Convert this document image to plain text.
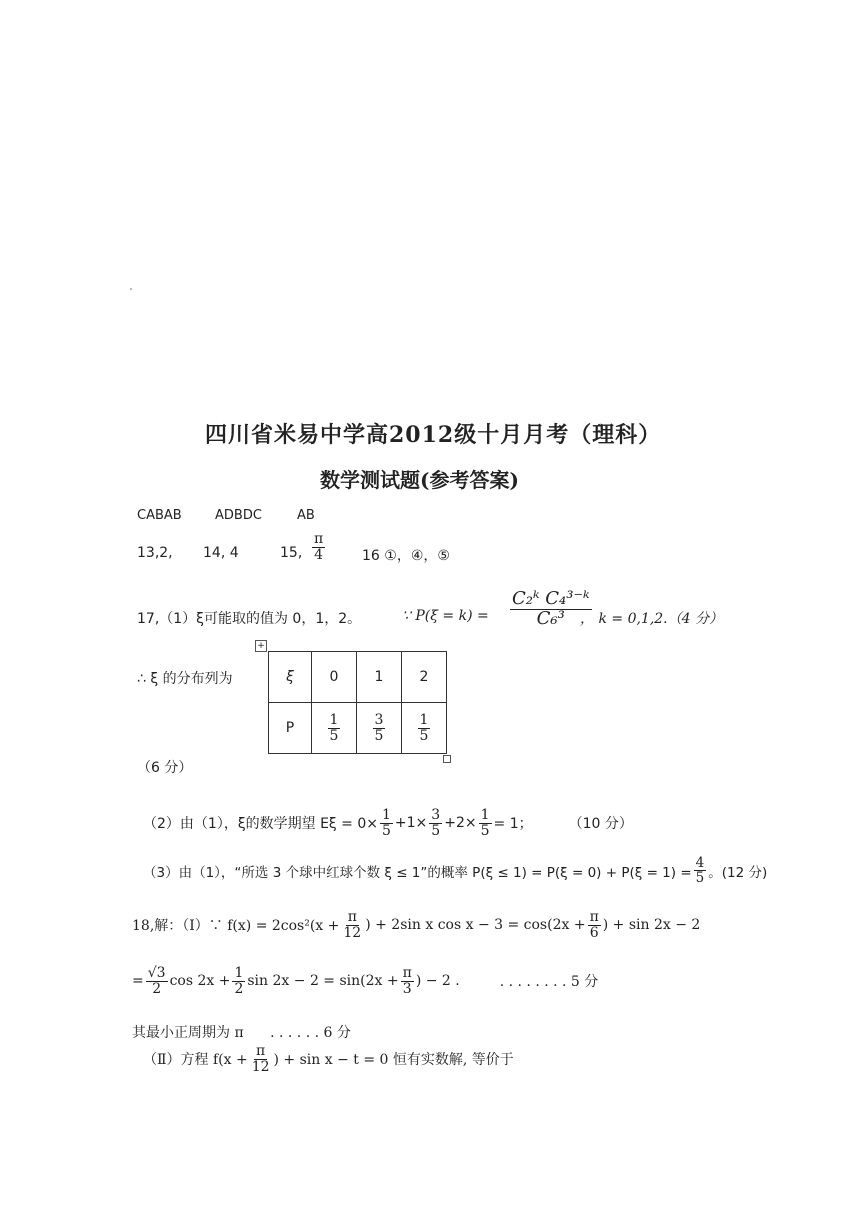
四川省米易中学高2012级十月月考（理科）
数学测试题(参考答案)
CABAB	ADBDC	AB
13,2, 14, 4	15, $\frac{\pi}{4}$	16 ①，④，⑤
17,（1）ξ可能取的值为 0，1，2。	∵ $P(\xi = k) = \frac{\text{C₂ᵏ C₄³⁻ᵏ}}{\text{C₆³}}$
， k = 0,1,2.（4 分）
∴ ξ 的分布列为
+
ξ	0	1	2
P	$\frac{1}{5}$	$\frac{3}{5}$	$\frac{1}{5}$
（6 分）
（2）由（1），ξ的数学期望 $E\xi = 0\times \frac{1}{5} +1\times \frac{3}{5} +2\times \frac{1}{5} = 1$；	（10 分）
（3）由（1），“所选 3 个球中红球个数 ξ ≤ 1”的概率 $P(\xi \le 1) = P(\xi = 0) + P(\xi = 1) = \frac{4}{5}$ 。(12 分)
18,解：（Ⅰ）∵ $f(x) = 2\cos^2(x + \frac{\pi}{12}$ ) + 2sin x $\cos x - 3 = \cos(2x + \frac{\pi}{6}$ ) + sin 2x − 2
= $\frac{√3}{2}$ $\cos 2x + \frac{1}{2}$ $\sin 2x - 2 = \sin(2x + \frac{\pi}{3}$ ) − 2 .	. . . . . . . . 5 分
其最小正周期为 π . . . . . . 6 分
（Ⅱ）方程 $f(x + \frac{\pi}{12}$ ) + sin x − t = 0 恒有实数解, 等价于
